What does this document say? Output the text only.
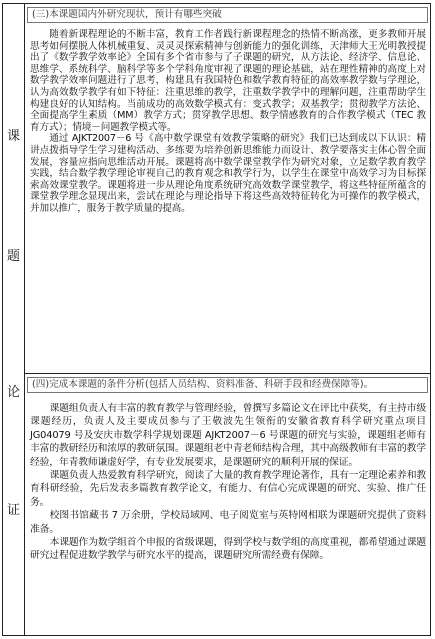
课
题
论
证
(三)本课题国内外研究现状，预计有哪些突破

随着新课程理论的不断丰富，教育工作者践行新课程理念的热情不断高涨，更多教师开展思考如何摆脱人体机械重复、灵灵灵探索精神与创新能力的强化训练，天津师大王光明教授提出了《数学教学效率论》全国有多个省市参与了子课题的研究，从方法论、经济学、信息论、思维学、系统科学、脑科学等多个学科角度审视了课题的理论基础，站在理性精神的高度上对数学教学效率问题进行了思考，构建具有我国特色和数学教育特征的高效率教学数与学理论，认为高效数学教学有如下特征：注重思维的教学，注重数学教学中的理解问题，注重帮助学生构建良好的认知结构。当前成功的高效数学模式有：变式教学；双基教学；贯彻教学方法论、全面提高学生素质（MM）教学方式；贯穿教学思想、数学情感教育的合作教学模式（TEC 教育方式）；情境－问题教学模式等。

通过 AJKT2007－6 号《高中数学课堂有效教学策略的研究》我们已达到成以下认识：精讲点拨指导学生学习建构活动、多练要为培养创新思维能力而设计、教学要落实主体心智全面发展，容量应指向思维活动开展。课题将高中数学课堂教学作为研究对象，立足数学教育教学实践，结合数学教学理论审视自己的教育观念和教学行为，以学生在课堂中高效学习为目标探索高效课堂教学。课题将进一步从理论角度系统研究高效数学课堂教学，将这些特征所蕴含的课堂教学理念显现出来，尝试在理论与理论指导下将这些高效特征转化为可操作的教学模式，并加以推广，服务于教学质量的提高。

(四)完成本课题的条件分析(包括人员结构、资料准备、科研手段和经费保障等)。

课题组负责人有丰富的教育教学与管理经验，曾撰写多篇论文在评比中获奖，有主持市级课题经历，负责人及主要成员参与了王敬波先生领衔的安徽省教育科学研究重点项目 JG04079 号及安庆市数学科学规划课题 AJKT2007－6 号课题的研究与实验，课题组老师有丰富的教研经历和浓厚的教研氛围。课题组老中青老师结构合理，其中高级教师有丰富的教学经验，年青教师谦虚好学，有专业发展要求，是课题研究的顺利开展的保证。

课题负责人热爱教育科学研究，阅读了大量的教育教学理论著作，具有一定理论素养和教育科研经验，先后发表多篇教育教学论文，有能力、有信心完成课题的研究、实验、推广任务。

校图书馆藏书 7 万余册，学校局域网、电子阅览室与英特网相联为课题研究提供了资料准备。

本课题作为数学组首个申报的省级课题，得到学校与数学组的高度重视，都希望通过课题研究过程促进数学教学与研究水平的提高，课题研究所需经费有保障。
